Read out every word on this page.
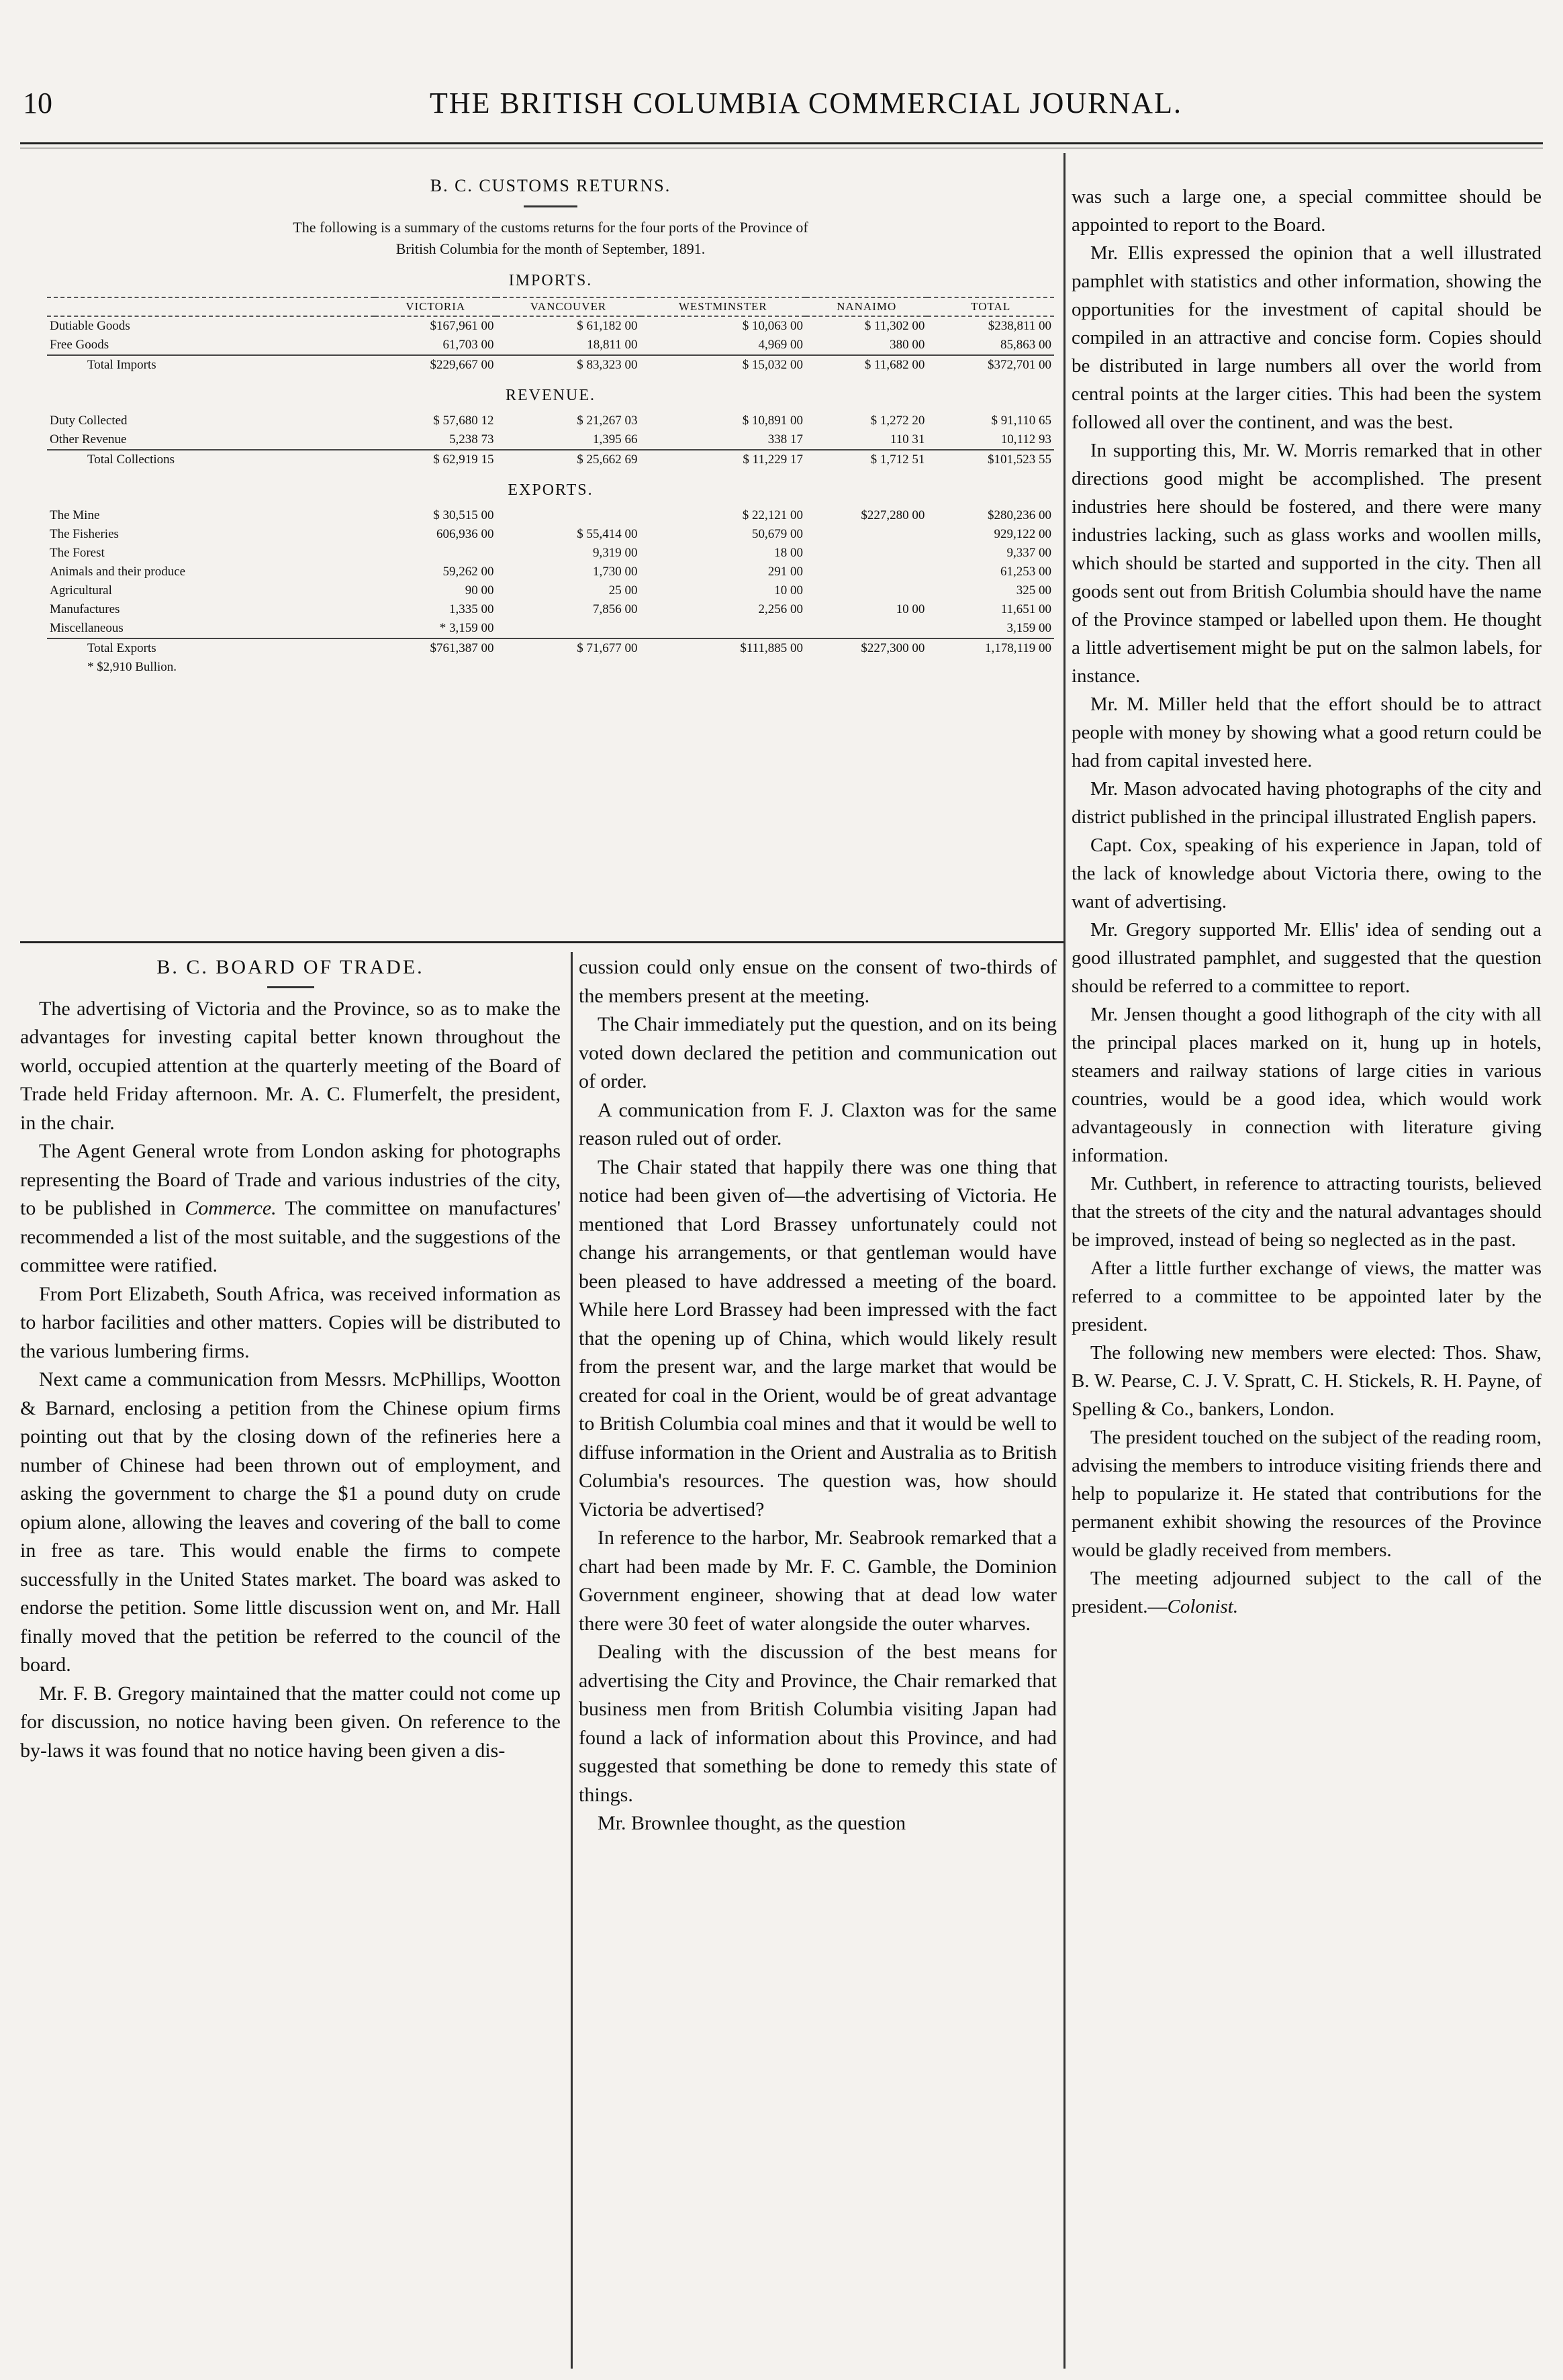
10	THE BRITISH COLUMBIA COMMERCIAL JOURNAL.
B. C. CUSTOMS RETURNS.
The following is a summary of the customs returns for the four ports of the Province of
British Columbia for the month of September, 1891.
IMPORTS.					
	VICTORIA	VANCOUVER	WESTMINSTER	NANAIMO	TOTAL
Dutiable Goods	$167,961 00	$ 61,182 00	$ 10,063 00	$ 11,302 00	$238,811 00
Free Goods	61,703 00	18,811 00	4,969 00	380 00	85,863 00
Total Imports	$229,667 00	$ 83,323 00	$ 15,032 00	$ 11,682 00	$372,701 00
REVENUE.					
Duty Collected	$ 57,680 12	$ 21,267 03	$ 10,891 00	$ 1,272 20	$ 91,110 65
Other Revenue	5,238 73	1,395 66	338 17	110 31	10,112 93
Total Collections	$ 62,919 15	$ 25,662 69	$ 11,229 17	$ 1,712 51	$101,523 55
EXPORTS.					
The Mine	$ 30,515 00		$ 22,121 00	$227,280 00	$280,236 00
The Fisheries	606,936 00	$ 55,414 00	50,679 00		929,122 00
The Forest		9,319 00	18 00		9,337 00
Animals and their produce	59,262 00	1,730 00	291 00		61,253 00
Agricultural	90 00	25 00	10 00		325 00
Manufactures	1,335 00	7,856 00	2,256 00	10 00	11,651 00
Miscellaneous	* 3,159 00				3,159 00
Total Exports	$761,387 00	$ 71,677 00	$111,885 00	$227,300 00	1,178,119 00
* $2,910 Bullion.					

was such a large one, a special committee should be appointed to report to the Board.

Mr. Ellis expressed the opinion that a well illustrated pamphlet with statistics and other information, showing the opportunities for the investment of capital should be compiled in an attractive and concise form. Copies should be distributed in large numbers all over the world from central points at the larger cities. This had been the system followed all over the continent, and was the best.

In supporting this, Mr. W. Morris remarked that in other directions good might be accomplished. The present industries here should be fostered, and there were many industries lacking, such as glass works and woollen mills, which should be started and supported in the city. Then all goods sent out from British Columbia should have the name of the Province stamped or labelled upon them. He thought a little advertisement might be put on the salmon labels, for instance.

Mr. M. Miller held that the effort should be to attract people with money by showing what a good return could be had from capital invested here.

Mr. Mason advocated having photographs of the city and district published in the principal illustrated English papers.

Capt. Cox, speaking of his experience in Japan, told of the lack of knowledge about Victoria there, owing to the want of advertising.

Mr. Gregory supported Mr. Ellis' idea of sending out a good illustrated pamphlet, and suggested that the question should be referred to a committee to report.

Mr. Jensen thought a good lithograph of the city with all the principal places marked on it, hung up in hotels, steamers and railway stations of large cities in various countries, would be a good idea, which would work advantageously in connection with literature giving information.

Mr. Cuthbert, in reference to attracting tourists, believed that the streets of the city and the natural advantages should be improved, instead of being so neglected as in the past.

After a little further exchange of views, the matter was referred to a committee to be appointed later by the president.

The following new members were elected: Thos. Shaw, B. W. Pearse, C. J. V. Spratt, C. H. Stickels, R. H. Payne, of Spelling & Co., bankers, London.

The president touched on the subject of the reading room, advising the members to introduce visiting friends there and help to popularize it. He stated that contributions for the permanent exhibit showing the resources of the Province would be gladly received from members.

The meeting adjourned subject to the call of the president.—Colonist.

B. C. BOARD OF TRADE.

The advertising of Victoria and the Province, so as to make the advantages for investing capital better known throughout the world, occupied attention at the quarterly meeting of the Board of Trade held Friday afternoon. Mr. A. C. Flumerfelt, the president, in the chair.

The Agent General wrote from London asking for photographs representing the Board of Trade and various industries of the city, to be published in Commerce. The committee on manufactures' recommended a list of the most suitable, and the suggestions of the committee were ratified.

From Port Elizabeth, South Africa, was received information as to harbor facilities and other matters. Copies will be distributed to the various lumbering firms.

Next came a communication from Messrs. McPhillips, Wootton & Barnard, enclosing a petition from the Chinese opium firms pointing out that by the closing down of the refineries here a number of Chinese had been thrown out of employment, and asking the government to charge the $1 a pound duty on crude opium alone, allowing the leaves and covering of the ball to come in free as tare. This would enable the firms to compete successfully in the United States market. The board was asked to endorse the petition. Some little discussion went on, and Mr. Hall finally moved that the petition be referred to the council of the board.

Mr. F. B. Gregory maintained that the matter could not come up for discussion, no notice having been given. On reference to the by-laws it was found that no notice having been given a dis-

cussion could only ensue on the consent of two-thirds of the members present at the meeting.

The Chair immediately put the question, and on its being voted down declared the petition and communication out of order.

A communication from F. J. Claxton was for the same reason ruled out of order.

The Chair stated that happily there was one thing that notice had been given of—the advertising of Victoria. He mentioned that Lord Brassey unfortunately could not change his arrangements, or that gentleman would have been pleased to have addressed a meeting of the board. While here Lord Brassey had been impressed with the fact that the opening up of China, which would likely result from the present war, and the large market that would be created for coal in the Orient, would be of great advantage to British Columbia coal mines and that it would be well to diffuse information in the Orient and Australia as to British Columbia's resources. The question was, how should Victoria be advertised?

In reference to the harbor, Mr. Seabrook remarked that a chart had been made by Mr. F. C. Gamble, the Dominion Government engineer, showing that at dead low water there were 30 feet of water alongside the outer wharves.

Dealing with the discussion of the best means for advertising the City and Province, the Chair remarked that business men from British Columbia visiting Japan had found a lack of information about this Province, and had suggested that something be done to remedy this state of things.

Mr. Brownlee thought, as the question
